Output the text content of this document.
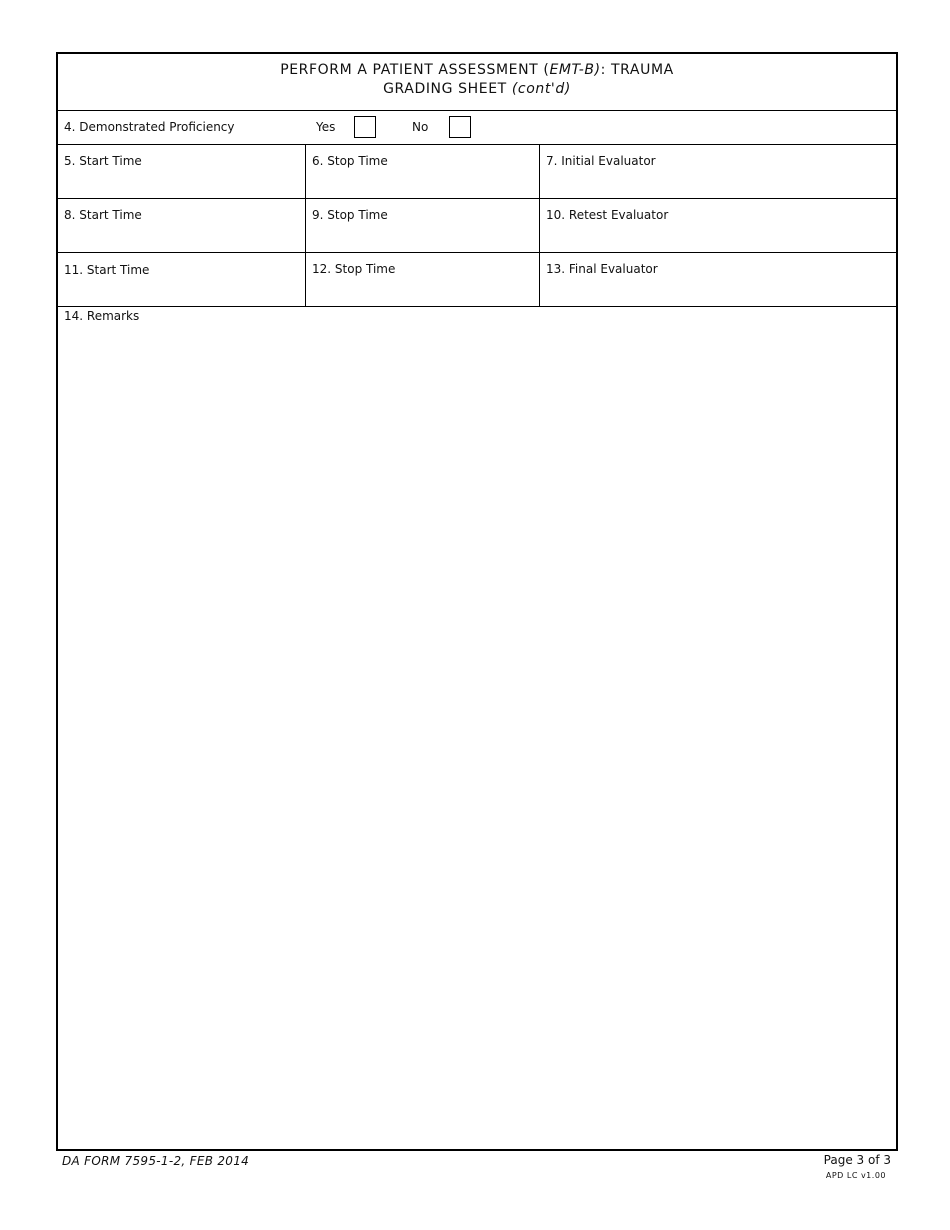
PERFORM A PATIENT ASSESSMENT (EMT-B): TRAUMA
GRADING SHEET (cont'd)
4. Demonstrated Proficiency	Yes	No
5. Start Time	6. Stop Time	7. Initial Evaluator
8. Start Time	9. Stop Time	10. Retest Evaluator
11. Start Time	12. Stop Time	13. Final Evaluator
14. Remarks
DA FORM 7595-1-2, FEB 2014	Page 3 of 3
APD LC v1.00
